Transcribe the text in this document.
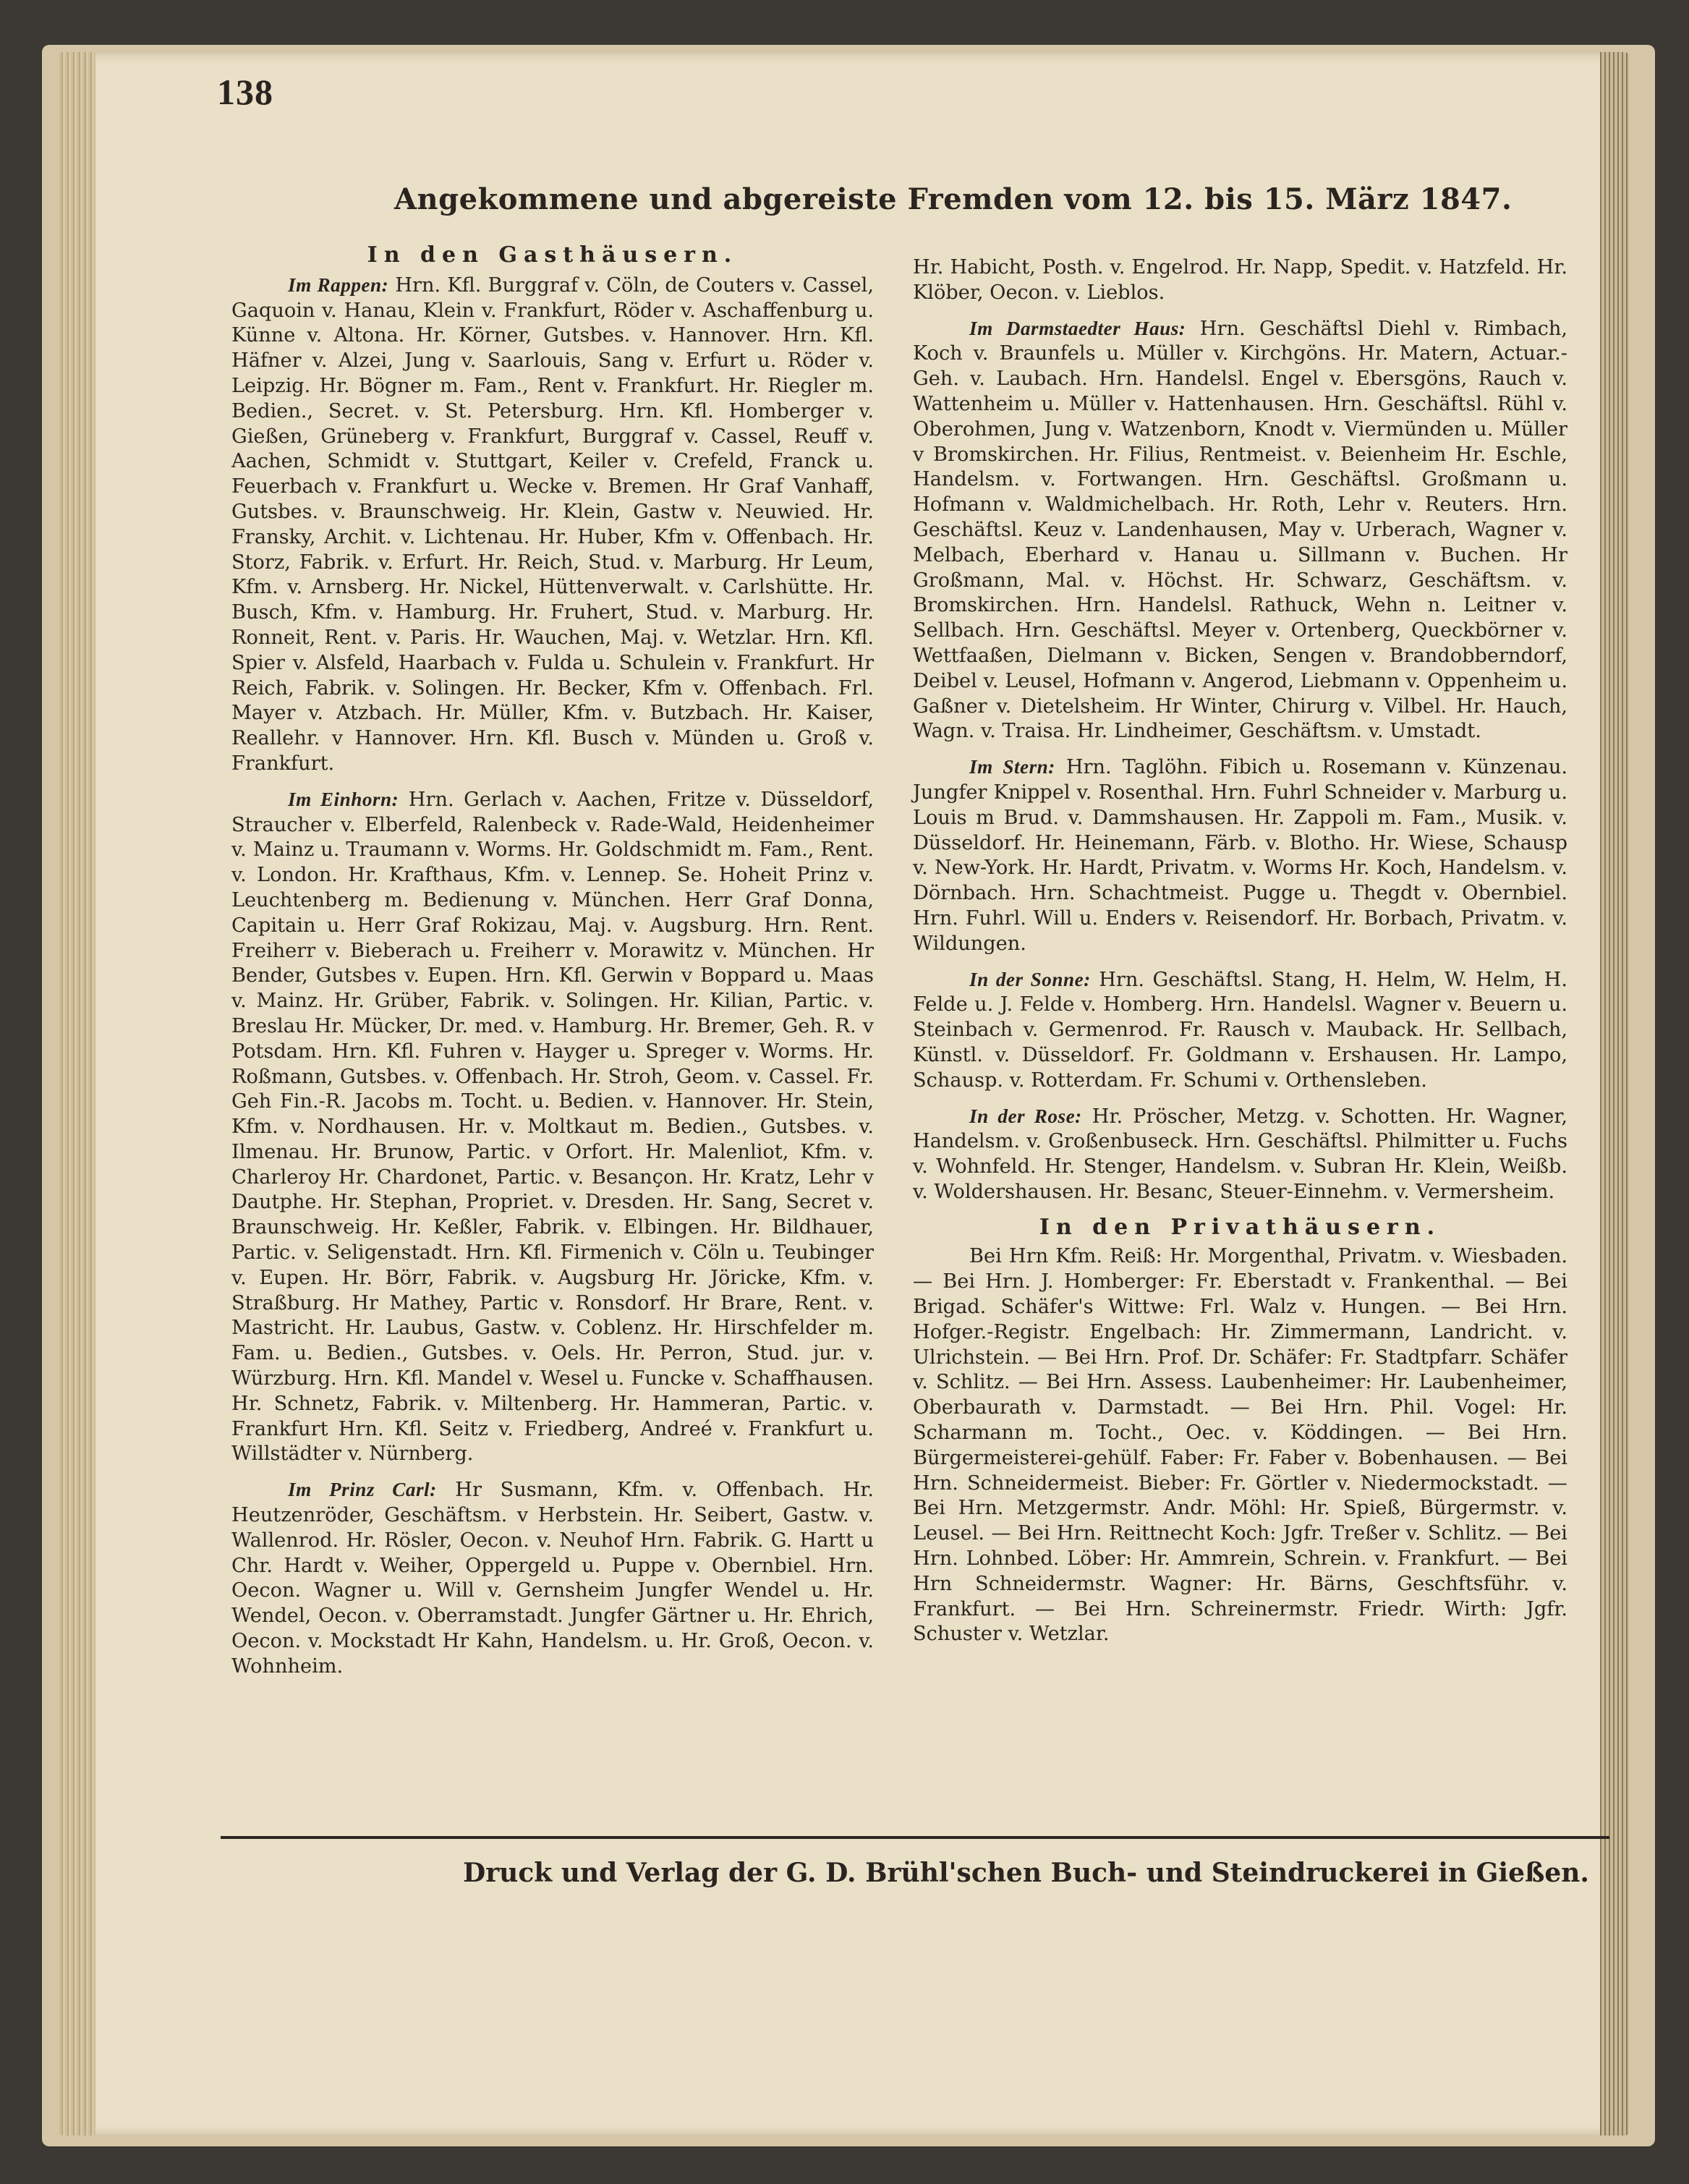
138
Angekommene und abgereiste Fremden vom 12. bis 15. März 1847.
In den Gasthäusern.
Im Rappen: Hrn. Kfl. Burggraf v. Cöln, de Couters v. Cassel, Gaquoin v. Hanau, Klein v. Frankfurt, Röder v. Aschaffenburg u. Künne v. Altona. Hr. Körner, Gutsbes. v. Hannover. Hrn. Kfl. Häfner v. Alzei, Jung v. Saarlouis, Sang v. Erfurt u. Röder v. Leipzig. Hr. Bögner m. Fam., Rent v. Frankfurt. Hr. Riegler m. Bedien., Secret. v. St. Petersburg. Hrn. Kfl. Homberger v. Gießen, Grüneberg v. Frankfurt, Burggraf v. Cassel, Reuff v. Aachen, Schmidt v. Stuttgart, Keiler v. Crefeld, Franck u. Feuerbach v. Frankfurt u. Wecke v. Bremen. Hr Graf Vanhaff, Gutsbes. v. Braunschweig. Hr. Klein, Gastw v. Neuwied. Hr. Fransky, Archit. v. Lichtenau. Hr. Huber, Kfm v. Offenbach. Hr. Storz, Fabrik. v. Erfurt. Hr. Reich, Stud. v. Marburg. Hr Leum, Kfm. v. Arnsberg. Hr. Nickel, Hüttenverwalt. v. Carlshütte. Hr. Busch, Kfm. v. Hamburg. Hr. Fruhert, Stud. v. Marburg. Hr. Ronneit, Rent. v. Paris. Hr. Wauchen, Maj. v. Wetzlar. Hrn. Kfl. Spier v. Alsfeld, Haarbach v. Fulda u. Schulein v. Frankfurt. Hr Reich, Fabrik. v. Solingen. Hr. Becker, Kfm v. Offenbach. Frl. Mayer v. Atzbach. Hr. Müller, Kfm. v. Butzbach. Hr. Kaiser, Reallehr. v Hannover. Hrn. Kfl. Busch v. Münden u. Groß v. Frankfurt.
Im Einhorn: Hrn. Gerlach v. Aachen, Fritze v. Düsseldorf, Straucher v. Elberfeld, Ralenbeck v. Rade-Wald, Heidenheimer v. Mainz u. Traumann v. Worms. Hr. Goldschmidt m. Fam., Rent. v. London. Hr. Krafthaus, Kfm. v. Lennep. Se. Hoheit Prinz v. Leuchtenberg m. Bedienung v. München. Herr Graf Donna, Capitain u. Herr Graf Rokizau, Maj. v. Augsburg. Hrn. Rent. Freiherr v. Bieberach u. Freiherr v. Morawitz v. München. Hr Bender, Gutsbes v. Eupen. Hrn. Kfl. Gerwin v Boppard u. Maas v. Mainz. Hr. Grüber, Fabrik. v. Solingen. Hr. Kilian, Partic. v. Breslau Hr. Mücker, Dr. med. v. Hamburg. Hr. Bremer, Geh. R. v Potsdam. Hrn. Kfl. Fuhren v. Hayger u. Spreger v. Worms. Hr. Roßmann, Gutsbes. v. Offenbach. Hr. Stroh, Geom. v. Cassel. Fr. Geh Fin.-R. Jacobs m. Tocht. u. Bedien. v. Hannover. Hr. Stein, Kfm. v. Nordhausen. Hr. v. Moltkaut m. Bedien., Gutsbes. v. Ilmenau. Hr. Brunow, Partic. v Orfort. Hr. Malenliot, Kfm. v. Charleroy Hr. Chardonet, Partic. v. Besançon. Hr. Kratz, Lehr v Dautphe. Hr. Stephan, Propriet. v. Dresden. Hr. Sang, Secret v. Braunschweig. Hr. Keßler, Fabrik. v. Elbingen. Hr. Bildhauer, Partic. v. Seligenstadt. Hrn. Kfl. Firmenich v. Cöln u. Teubinger v. Eupen. Hr. Börr, Fabrik. v. Augsburg Hr. Jöricke, Kfm. v. Straßburg. Hr Mathey, Partic v. Ronsdorf. Hr Brare, Rent. v. Mastricht. Hr. Laubus, Gastw. v. Coblenz. Hr. Hirschfelder m. Fam. u. Bedien., Gutsbes. v. Oels. Hr. Perron, Stud. jur. v. Würzburg. Hrn. Kfl. Mandel v. Wesel u. Funcke v. Schaffhausen. Hr. Schnetz, Fabrik. v. Miltenberg. Hr. Hammeran, Partic. v. Frankfurt Hrn. Kfl. Seitz v. Friedberg, Andreé v. Frankfurt u. Willstädter v. Nürnberg.
Im Prinz Carl: Hr Susmann, Kfm. v. Offenbach. Hr. Heutzenröder, Geschäftsm. v Herbstein. Hr. Seibert, Gastw. v. Wallenrod. Hr. Rösler, Oecon. v. Neuhof Hrn. Fabrik. G. Hartt u Chr. Hardt v. Weiher, Oppergeld u. Puppe v. Obernbiel. Hrn. Oecon. Wagner u. Will v. Gernsheim Jungfer Wendel u. Hr. Wendel, Oecon. v. Oberramstadt. Jungfer Gärtner u. Hr. Ehrich, Oecon. v. Mockstadt Hr Kahn, Handelsm. u. Hr. Groß, Oecon. v. Wohnheim.
Hr. Habicht, Posth. v. Engelrod. Hr. Napp, Spedit. v. Hatzfeld. Hr. Klöber, Oecon. v. Lieblos.
Im Darmstaedter Haus: Hrn. Geschäftsl Diehl v. Rimbach, Koch v. Braunfels u. Müller v. Kirchgöns. Hr. Matern, Actuar.-Geh. v. Laubach. Hrn. Handelsl. Engel v. Ebersgöns, Rauch v. Wattenheim u. Müller v. Hattenhausen. Hrn. Geschäftsl. Rühl v. Oberohmen, Jung v. Watzenborn, Knodt v. Viermünden u. Müller v Bromskirchen. Hr. Filius, Rentmeist. v. Beienheim Hr. Eschle, Handelsm. v. Fortwangen. Hrn. Geschäftsl. Großmann u. Hofmann v. Waldmichelbach. Hr. Roth, Lehr v. Reuters. Hrn. Geschäftsl. Keuz v. Landenhausen, May v. Urberach, Wagner v. Melbach, Eberhard v. Hanau u. Sillmann v. Buchen. Hr Großmann, Mal. v. Höchst. Hr. Schwarz, Geschäftsm. v. Bromskirchen. Hrn. Handelsl. Rathuck, Wehn n. Leitner v. Sellbach. Hrn. Geschäftsl. Meyer v. Ortenberg, Queckbörner v. Wettfaaßen, Dielmann v. Bicken, Sengen v. Brandobberndorf, Deibel v. Leusel, Hofmann v. Angerod, Liebmann v. Oppenheim u. Gaßner v. Dietelsheim. Hr Winter, Chirurg v. Vilbel. Hr. Hauch, Wagn. v. Traisa. Hr. Lindheimer, Geschäftsm. v. Umstadt.
Im Stern: Hrn. Taglöhn. Fibich u. Rosemann v. Künzenau. Jungfer Knippel v. Rosenthal. Hrn. Fuhrl Schneider v. Marburg u. Louis m Brud. v. Dammshausen. Hr. Zappoli m. Fam., Musik. v. Düsseldorf. Hr. Heinemann, Färb. v. Blotho. Hr. Wiese, Schausp v. New-York. Hr. Hardt, Privatm. v. Worms Hr. Koch, Handelsm. v. Dörnbach. Hrn. Schachtmeist. Pugge u. Thegdt v. Obernbiel. Hrn. Fuhrl. Will u. Enders v. Reisendorf. Hr. Borbach, Privatm. v. Wildungen.
In der Sonne: Hrn. Geschäftsl. Stang, H. Helm, W. Helm, H. Felde u. J. Felde v. Homberg. Hrn. Handelsl. Wagner v. Beuern u. Steinbach v. Germenrod. Fr. Rausch v. Mauback. Hr. Sellbach, Künstl. v. Düsseldorf. Fr. Goldmann v. Ershausen. Hr. Lampo, Schausp. v. Rotterdam. Fr. Schumi v. Orthensleben.
In der Rose: Hr. Pröscher, Metzg. v. Schotten. Hr. Wagner, Handelsm. v. Großenbuseck. Hrn. Geschäftsl. Philmitter u. Fuchs v. Wohnfeld. Hr. Stenger, Handelsm. v. Subran Hr. Klein, Weißb. v. Woldershausen. Hr. Besanc, Steuer-Einnehm. v. Vermersheim.
In den Privathäusern.

Bei Hrn Kfm. Reiß: Hr. Morgenthal, Privatm. v. Wiesbaden. — Bei Hrn. J. Homberger: Fr. Eberstadt v. Frankenthal. — Bei Brigad. Schäfer's Wittwe: Frl. Walz v. Hungen. — Bei Hrn. Hofger.-Registr. Engelbach: Hr. Zimmermann, Landricht. v. Ulrichstein. — Bei Hrn. Prof. Dr. Schäfer: Fr. Stadtpfarr. Schäfer v. Schlitz. — Bei Hrn. Assess. Laubenheimer: Hr. Laubenheimer, Oberbaurath v. Darmstadt. — Bei Hrn. Phil. Vogel: Hr. Scharmann m. Tocht., Oec. v. Köddingen. — Bei Hrn. Bürgermeisterei-gehülf. Faber: Fr. Faber v. Bobenhausen. — Bei Hrn. Schneidermeist. Bieber: Fr. Görtler v. Niedermockstadt. — Bei Hrn. Metzgermstr. Andr. Möhl: Hr. Spieß, Bürgermstr. v. Leusel. — Bei Hrn. Reittnecht Koch: Jgfr. Treßer v. Schlitz. — Bei Hrn. Lohnbed. Löber: Hr. Ammrein, Schrein. v. Frankfurt. — Bei Hrn Schneidermstr. Wagner: Hr. Bärns, Geschftsführ. v. Frankfurt. — Bei Hrn. Schreinermstr. Friedr. Wirth: Jgfr. Schuster v. Wetzlar.

Druck und Verlag der G. D. Brühl'schen Buch- und Steindruckerei in Gießen.
